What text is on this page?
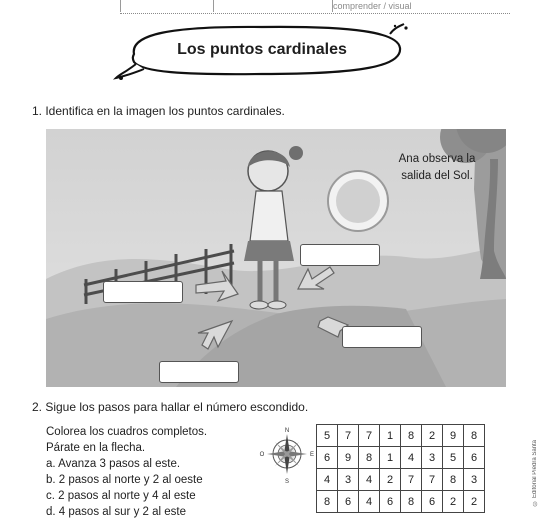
comprender / visual
Los puntos cardinales
1. Identifica en la imagen los puntos cardinales.
Ana observa la
salida del Sol.
2. Sigue los pasos para hallar el número escondido.
Colorea los cuadros completos.
Párate en la flecha.
a. Avanza 3 pasos al este.
b. 2 pasos al norte y 2 al oeste
c. 2 pasos al norte y 4 al este
d. 4 pasos al sur y 2 al este
N
S
E
O
5	7	7	1	8	2	9	8
6	9	8	1	4	3	5	6
4	3	4	2	7	7	8	3
8	6	4	6	8	6	2	2	© Editorial Piedra Santa
